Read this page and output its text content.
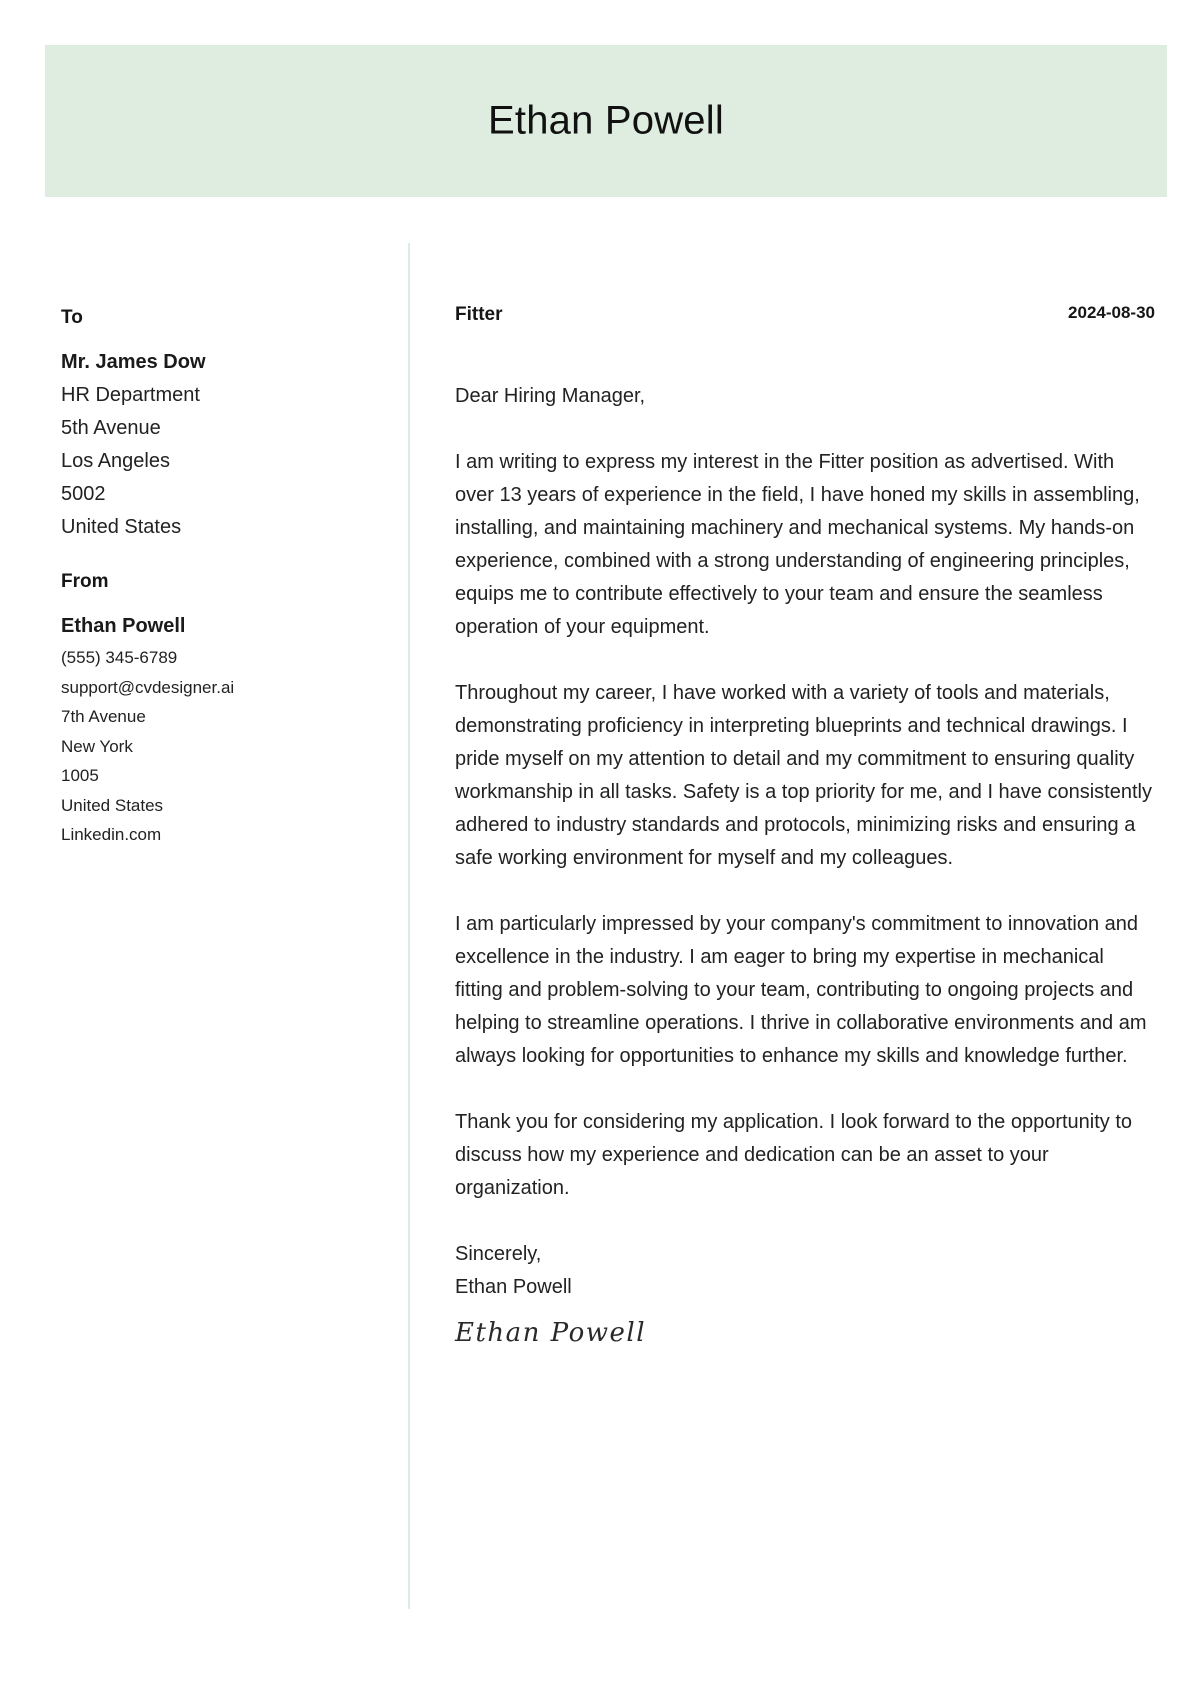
Ethan Powell
To
Mr. James Dow
HR Department
5th Avenue
Los Angeles
5002
United States
From
Ethan Powell
(555) 345-6789
support@cvdesigner.ai
7th Avenue
New York
1005
United States
Linkedin.com
Fitter	2024-08-30

Dear Hiring Manager,

I am writing to express my interest in the Fitter position as advertised. With over 13 years of experience in the field, I have honed my skills in assembling, installing, and maintaining machinery and mechanical systems. My hands-on experience, combined with a strong understanding of engineering principles, equips me to contribute effectively to your team and ensure the seamless operation of your equipment.

Throughout my career, I have worked with a variety of tools and materials, demonstrating proficiency in interpreting blueprints and technical drawings. I pride myself on my attention to detail and my commitment to ensuring quality workmanship in all tasks. Safety is a top priority for me, and I have consistently adhered to industry standards and protocols, minimizing risks and ensuring a safe working environment for myself and my colleagues.

I am particularly impressed by your company's commitment to innovation and excellence in the industry. I am eager to bring my expertise in mechanical fitting and problem-solving to your team, contributing to ongoing projects and helping to streamline operations. I thrive in collaborative environments and am always looking for opportunities to enhance my skills and knowledge further.

Thank you for considering my application. I look forward to the opportunity to discuss how my experience and dedication can be an asset to your organization.

Sincerely,
Ethan Powell
Ethan Powell
